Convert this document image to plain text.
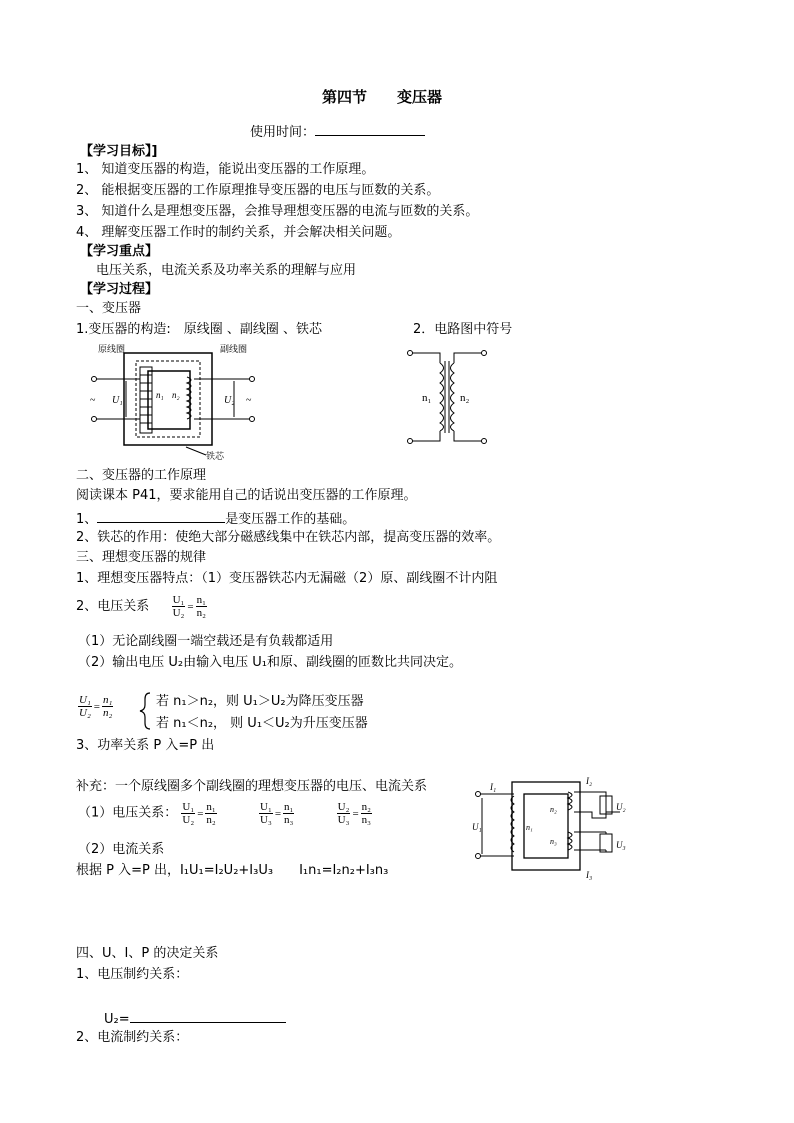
第四节　　变压器
使用时间：
【学习目标】]
1、 知道变压器的构造，能说出变压器的工作原理。
2、 能根据变压器的工作原理推导变压器的电压与匝数的关系。
3、 知道什么是理想变压器，会推导理想变压器的电流与匝数的关系。
4、 理解变压器工作时的制约关系，并会解决相关问题。
【学习重点】
电压关系，电流关系及功率关系的理解与应用
【学习过程】
一、变压器
1.变压器的构造:　原线圈 、副线圈 、铁芯	2．电路图中符号
原线圈	副线圈
铁芯
~	~
U₁	U₂
n₁ n₂	n₁	n₂
二、变压器的工作原理
阅读课本 P41，要求能用自己的话说出变压器的工作原理。
1、	是变压器工作的基础。
2、铁芯的作用：使绝大部分磁感线集中在铁芯内部，提高变压器的效率。
三、理想变压器的规律
1、理想变压器特点：（1）变压器铁芯内无漏磁（2）原、副线圈不计内阻
2、电压关系 $\frac{\text{U₁}}{\text{U₂}} = \frac{\text{n₁}}{\text{n₂}}$
（1）无论副线圈一端空载还是有负载都适用
（2）输出电压 U₂由输入电压 U₁和原、副线圈的匝数比共同决定。
$\frac{\text{U₁}}{\text{U₂}} = \frac{\text{n₁}}{\text{n₂}}$	若 n₁＞n₂，则 U₁＞U₂为降压变压器
若 n₁＜n₂， 则 U₁＜U₂为升压变压器
3、功率关系 P 入=P 出
补充：一个原线圈多个副线圈的理想变压器的电压、电流关系
（1）电压关系： $\frac{\text{U₁}}{\text{U₂}} = \frac{\text{n₁}}{\text{n₂}}$
	$\frac{\text{U₁}}{\text{U₃}} = \frac{\text{n₁}}{\text{n₃}}$
	$\frac{\text{U₂}}{\text{U₃}} = \frac{\text{n₂}}{\text{n₃}}$
（2）电流关系
根据 P 入=P 出，I₁U₁=I₂U₂+I₃U₃　　I₁n₁=I₂n₂+I₃n₃
I₁
I₂
I₃
U₁
U₂
U₃
n₁
n₂
n₃
四、U、I、P 的决定关系
1、电压制约关系：
U₂=
2、电流制约关系：
